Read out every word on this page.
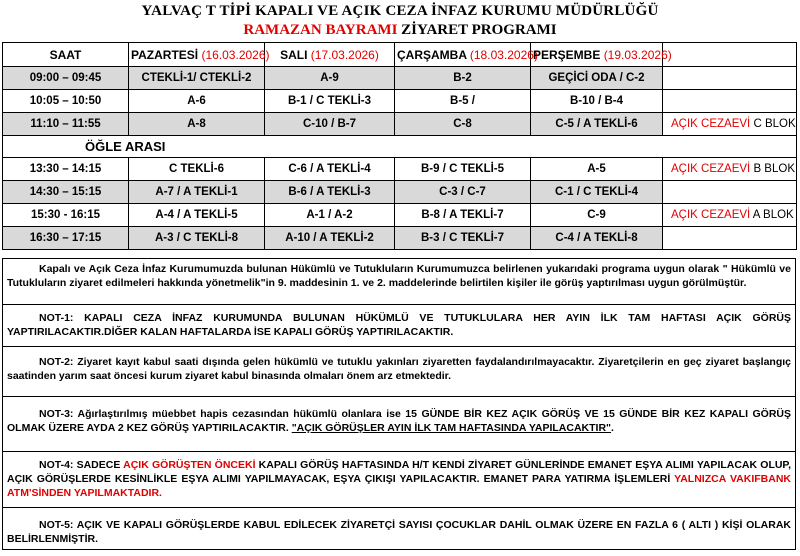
YALVAÇ T TİPİ KAPALI VE AÇIK CEZA İNFAZ KURUMU MÜDÜRLÜĞÜ
RAMAZAN BAYRAMI ZİYARET PROGRAMI
SAAT	PAZARTESİ (16.03.2026)	SALI (17.03.2026)	ÇARŞAMBA (18.03.2026)	PERŞEMBE (19.03.2026)	
09:00 – 09:45	CTEKLİ-1/ CTEKLİ-2	A-9	B-2	GEÇİCİ ODA / C-2	
10:05 – 10:50	A-6	B-1 / C TEKLİ-3	B-5 /	B-10 / B-4	
11:10 – 11:55	A-8	C-10 / B-7	C-8	C-5 / A TEKLİ-6	AÇIK CEZAEVİ C BLOK
ÖĞLE ARASI					
13:30 – 14:15	C TEKLİ-6	C-6 / A TEKLİ-4	B-9 / C TEKLİ-5	A-5	AÇIK CEZAEVİ B BLOK
14:30 – 15:15	A-7 / A TEKLİ-1	B-6 / A TEKLİ-3	C-3 / C-7	C-1 / C TEKLİ-4	
15:30 - 16:15	A-4 / A TEKLİ-5	A-1 / A-2	B-8 / A TEKLİ-7	C-9	AÇIK CEZAEVİ A BLOK
16:30 – 17:15	A-3 / C TEKLİ-8	A-10 / A TEKLİ-2	B-3 / C TEKLİ-7	C-4 / A TEKLİ-8	
Kapalı ve Açık Ceza İnfaz Kurumumuzda bulunan Hükümlü ve Tutukluların Kurumumuzca belirlenen yukarıdaki programa uygun olarak " Hükümlü ve Tutukluların ziyaret edilmeleri hakkında yönetmelik"in 9. maddesinin 1. ve 2. maddelerinde belirtilen kişiler ile görüş yaptırılması uygun görülmüştür.
NOT-1: KAPALI CEZA İNFAZ KURUMUNDA BULUNAN HÜKÜMLÜ VE TUTUKLULARA HER AYIN İLK TAM HAFTASI AÇIK GÖRÜŞ YAPTIRILACAKTIR.DİĞER KALAN HAFTALARDA İSE KAPALI GÖRÜŞ YAPTIRILACAKTIR.
NOT-2: Ziyaret kayıt kabul saati dışında gelen hükümlü ve tutuklu yakınları ziyaretten faydalandırılmayacaktır. Ziyaretçilerin en geç ziyaret başlangıç saatinden yarım saat öncesi kurum ziyaret kabul binasında olmaları önem arz etmektedir.
NOT-3: Ağırlaştırılmış müebbet hapis cezasından hükümlü olanlara ise 15 GÜNDE BİR KEZ AÇIK GÖRÜŞ VE 15 GÜNDE BİR KEZ KAPALI GÖRÜŞ OLMAK ÜZERE AYDA 2 KEZ GÖRÜŞ YAPTIRILACAKTIR. "AÇIK GÖRÜŞLER AYIN İLK TAM HAFTASINDA YAPILACAKTIR".
NOT-4: SADECE AÇIK GÖRÜŞTEN ÖNCEKİ KAPALI GÖRÜŞ HAFTASINDA H/T KENDİ ZİYARET GÜNLERİNDE EMANET EŞYA ALIMI YAPILACAK OLUP, AÇIK GÖRÜŞLERDE KESİNLİKLE EŞYA ALIMI YAPILMAYACAK, EŞYA ÇIKIŞI YAPILACAKTIR. EMANET PARA YATIRMA İŞLEMLERİ YALNIZCA VAKIFBANK ATM'SİNDEN YAPILMAKTADIR.
NOT-5: AÇIK VE KAPALI GÖRÜŞLERDE KABUL EDİLECEK ZİYARETÇİ SAYISI ÇOCUKLAR DAHİL OLMAK ÜZERE EN FAZLA 6 ( ALTI ) KİŞİ OLARAK BELİRLENMİŞTİR.
